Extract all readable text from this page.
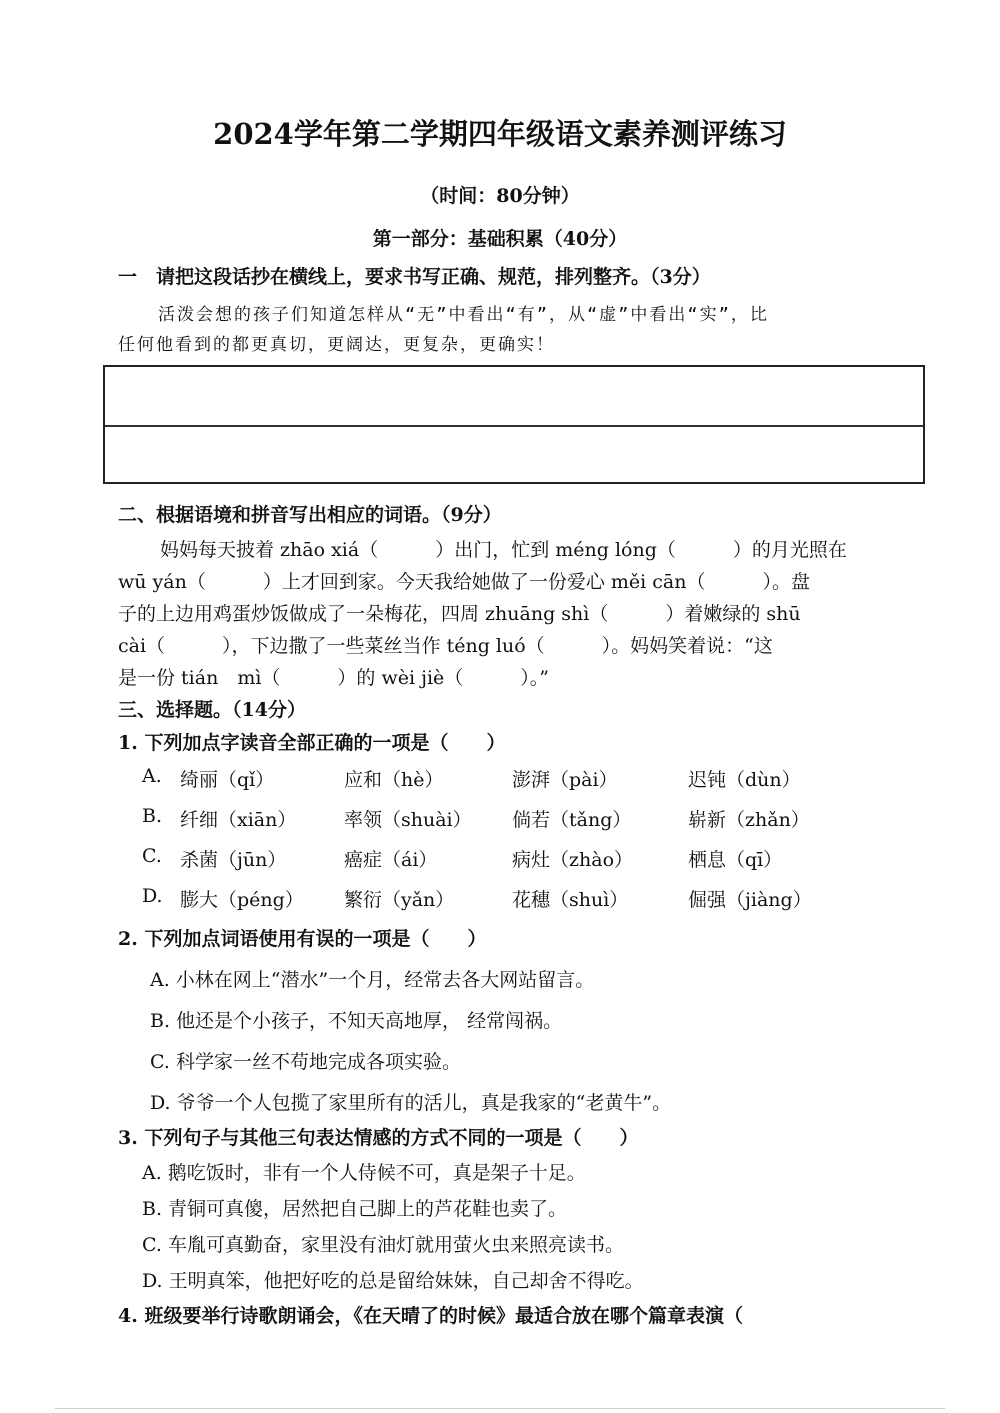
2024学年第二学期四年级语文素养测评练习
（时间：80分钟）
第一部分：基础积累（40分）
一　请把这段话抄在横线上，要求书写正确、规范，排列整齐。（3分）
活泼会想的孩子们知道怎样从“无”中看出“有”，从“虚”中看出“实”，比
任何他看到的都更真切，更阔达，更复杂，更确实！
二、根据语境和拼音写出相应的词语。（9分）
妈妈每天披着 zhāo xiá（　　　）出门，忙到 méng lóng（　　　）的月光照在
wū yán（　　　）上才回到家。今天我给她做了一份爱心 měi cān（　　　）。盘
子的上边用鸡蛋炒饭做成了一朵梅花，四周 zhuāng shì（　　　）着嫩绿的 shū
cài（　　　），下边撒了一些菜丝当作 téng luó（　　　）。妈妈笑着说：“这
是一份 tián　mì（　　　）的 wèi jiè（　　　）。”
三、选择题。（14分）
1. 下列加点字读音全部正确的一项是（　　）
A. 绮丽（qǐ）	应和（hè）	澎湃（pài）	迟钝（dùn）
B. 纤细（xiān）	率领（shuài） 倘若（tǎng）	崭新（zhǎn）
C. 杀菌（jūn）	癌症（ái）	病灶（zhào）	栖息（qī）
D. 膨大（péng） 繁衍（yǎn）	花穗（shuì）	倔强（jiàng）
2. 下列加点词语使用有误的一项是（　　）
A. 小林在网上“潜水”一个月，经常去各大网站留言。
B. 他还是个小孩子，不知天高地厚， 经常闯祸。
C. 科学家一丝不苟地完成各项实验。
D. 爷爷一个人包揽了家里所有的活儿，真是我家的“老黄牛”。
3. 下列句子与其他三句表达情感的方式不同的一项是（　　）
A. 鹅吃饭时，非有一个人侍候不可，真是架子十足。
B. 青铜可真傻，居然把自己脚上的芦花鞋也卖了。
C. 车胤可真勤奋，家里没有油灯就用萤火虫来照亮读书。
D. 王明真笨，他把好吃的总是留给妹妹，自己却舍不得吃。
4. 班级要举行诗歌朗诵会，《在天晴了的时候》最适合放在哪个篇章表演（
